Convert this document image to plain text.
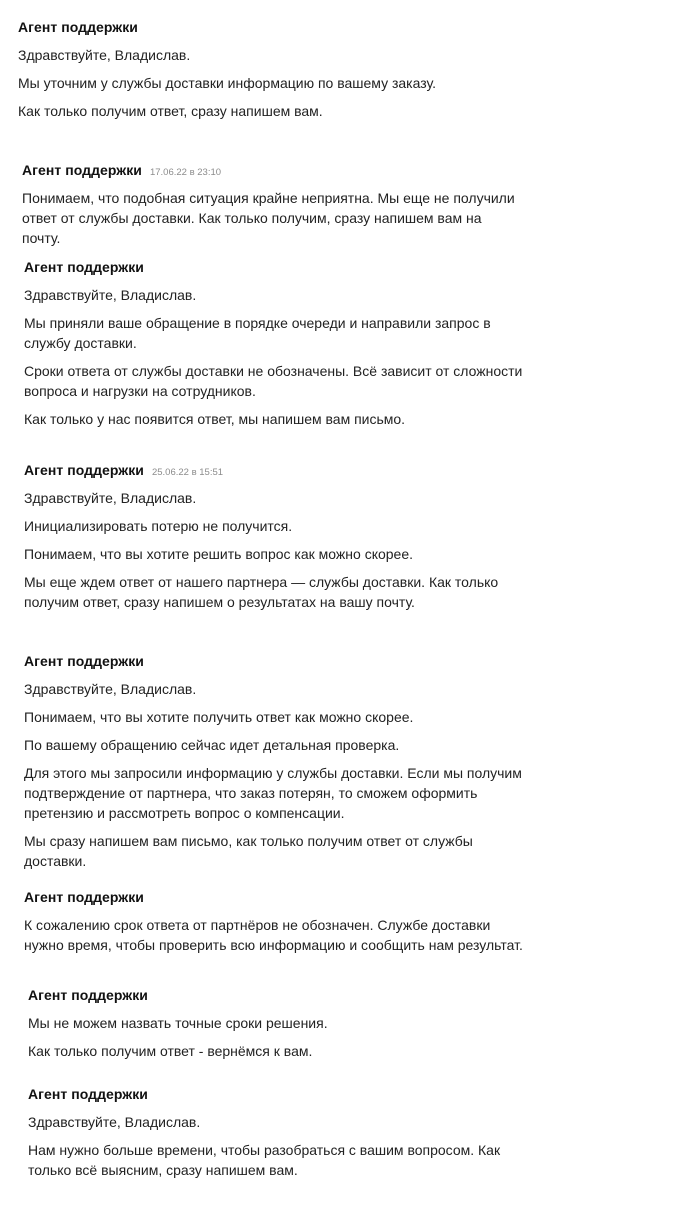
Агент поддержки

Здравствуйте, Владислав.

Мы уточним у службы доставки информацию по вашему заказу.

Как только получим ответ, сразу напишем вам.

Агент поддержки 17.06.22 в 23:10

Понимаем, что подобная ситуация крайне неприятна. Мы еще не получили ответ от службы доставки. Как только получим, сразу напишем вам на почту.

Агент поддержки

Здравствуйте, Владислав.

Мы приняли ваше обращение в порядке очереди и направили запрос в службу доставки.

Сроки ответа от службы доставки не обозначены. Всё зависит от сложности вопроса и нагрузки на сотрудников.

Как только у нас появится ответ, мы напишем вам письмо.

Агент поддержки 25.06.22 в 15:51

Здравствуйте, Владислав.

Инициализировать потерю не получится.

Понимаем, что вы хотите решить вопрос как можно скорее.

Мы еще ждем ответ от нашего партнера — службы доставки. Как только получим ответ, сразу напишем о результатах на вашу почту.

Агент поддержки

Здравствуйте, Владислав.

Понимаем, что вы хотите получить ответ как можно скорее.

По вашему обращению сейчас идет детальная проверка.

Для этого мы запросили информацию у службы доставки. Если мы получим подтверждение от партнера, что заказ потерян, то сможем оформить претензию и рассмотреть вопрос о компенсации.

Мы сразу напишем вам письмо, как только получим ответ от службы доставки.

Агент поддержки

К сожалению срок ответа от партнёров не обозначен. Службе доставки нужно время, чтобы проверить всю информацию и сообщить нам результат.

Агент поддержки

Мы не можем назвать точные сроки решения.

Как только получим ответ - вернёмся к вам.

Агент поддержки

Здравствуйте, Владислав.

Нам нужно больше времени, чтобы разобраться с вашим вопросом. Как только всё выясним, сразу напишем вам.
